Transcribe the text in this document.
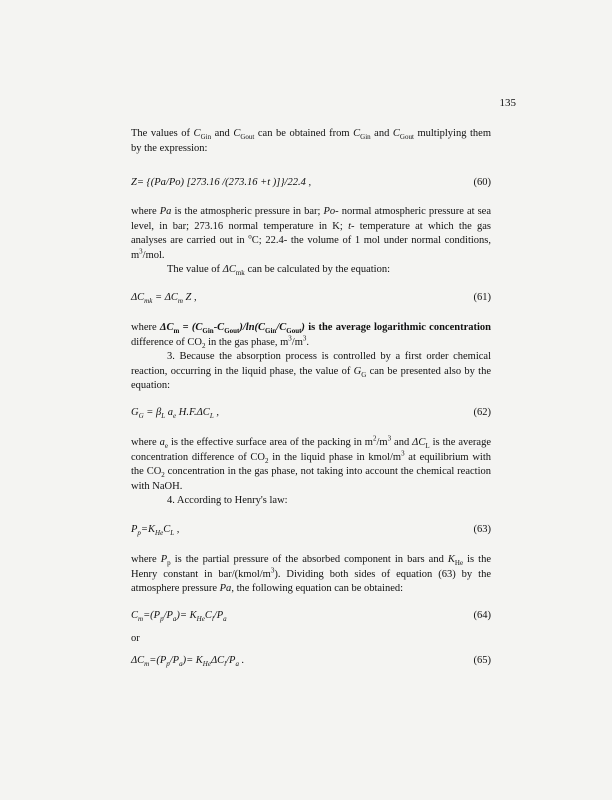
135
The values of $C_{Gin}$ and $C_{Gout}$ can be obtained from $C_{Gin}$ and $C_{Gout}$ multiplying them by the expression:
Z= {(Pa/Po) [273.16 /(273.16 +t )]}/22.4 ,	(60)
where Pa is the atmospheric pressure in bar; Po- normal atmospheric pressure at sea level, in bar; 273.16 normal temperature in K; t- temperature at which the gas analyses are carried out in $^o$C; 22.4- the volume of 1 mol under normal conditions, $m^3$/mol.
The value of $\Delta C_{mk}$ can be calculated by the equation:
$\Delta C_{mk} = \Delta C_m$ Z ,	(61)
where $\Delta C_m = (C_{Gin}-C_{Gout})/\ln(C_{Gin}/C_{Gout})$ is the average logarithmic concentration difference of $CO_2$ in the gas phase, $m^3/m^3$.
3. Because the absorption process is controlled by a first order chemical reaction, occurring in the liquid phase, the value of $G_G$ can be presented also by the equation:
$G_G = \beta_L$ $a_e$ $H.F.\Delta C_L$ ,	(62)
where $a_e$ is the effective surface area of the packing in $m^2/m^3$ and $\Delta C_L$ is the average concentration difference of $CO_2$ in the liquid phase in kmol/$m^3$ at equilibrium with the $CO_2$ concentration in the gas phase, not taking into account the chemical reaction with NaOH.
4. According to Henry's law:
$P_p=K_{He}C_L$ ,	(63)
where $P_p$ is the partial pressure of the absorbed component in bars and $K_{He}$ is the Henry constant in bar/$(kmol/m^3)$. Dividing both sides of equation (63) by the atmosphere pressure Pa, the following equation can be obtained:
$C_m=(P_p/P_a)= K_{He}C_l/P_a$	(64)
or
$\Delta C_m=(P_p/P_a)= K_{He}\Delta C_l/P_a$ .	(65)
